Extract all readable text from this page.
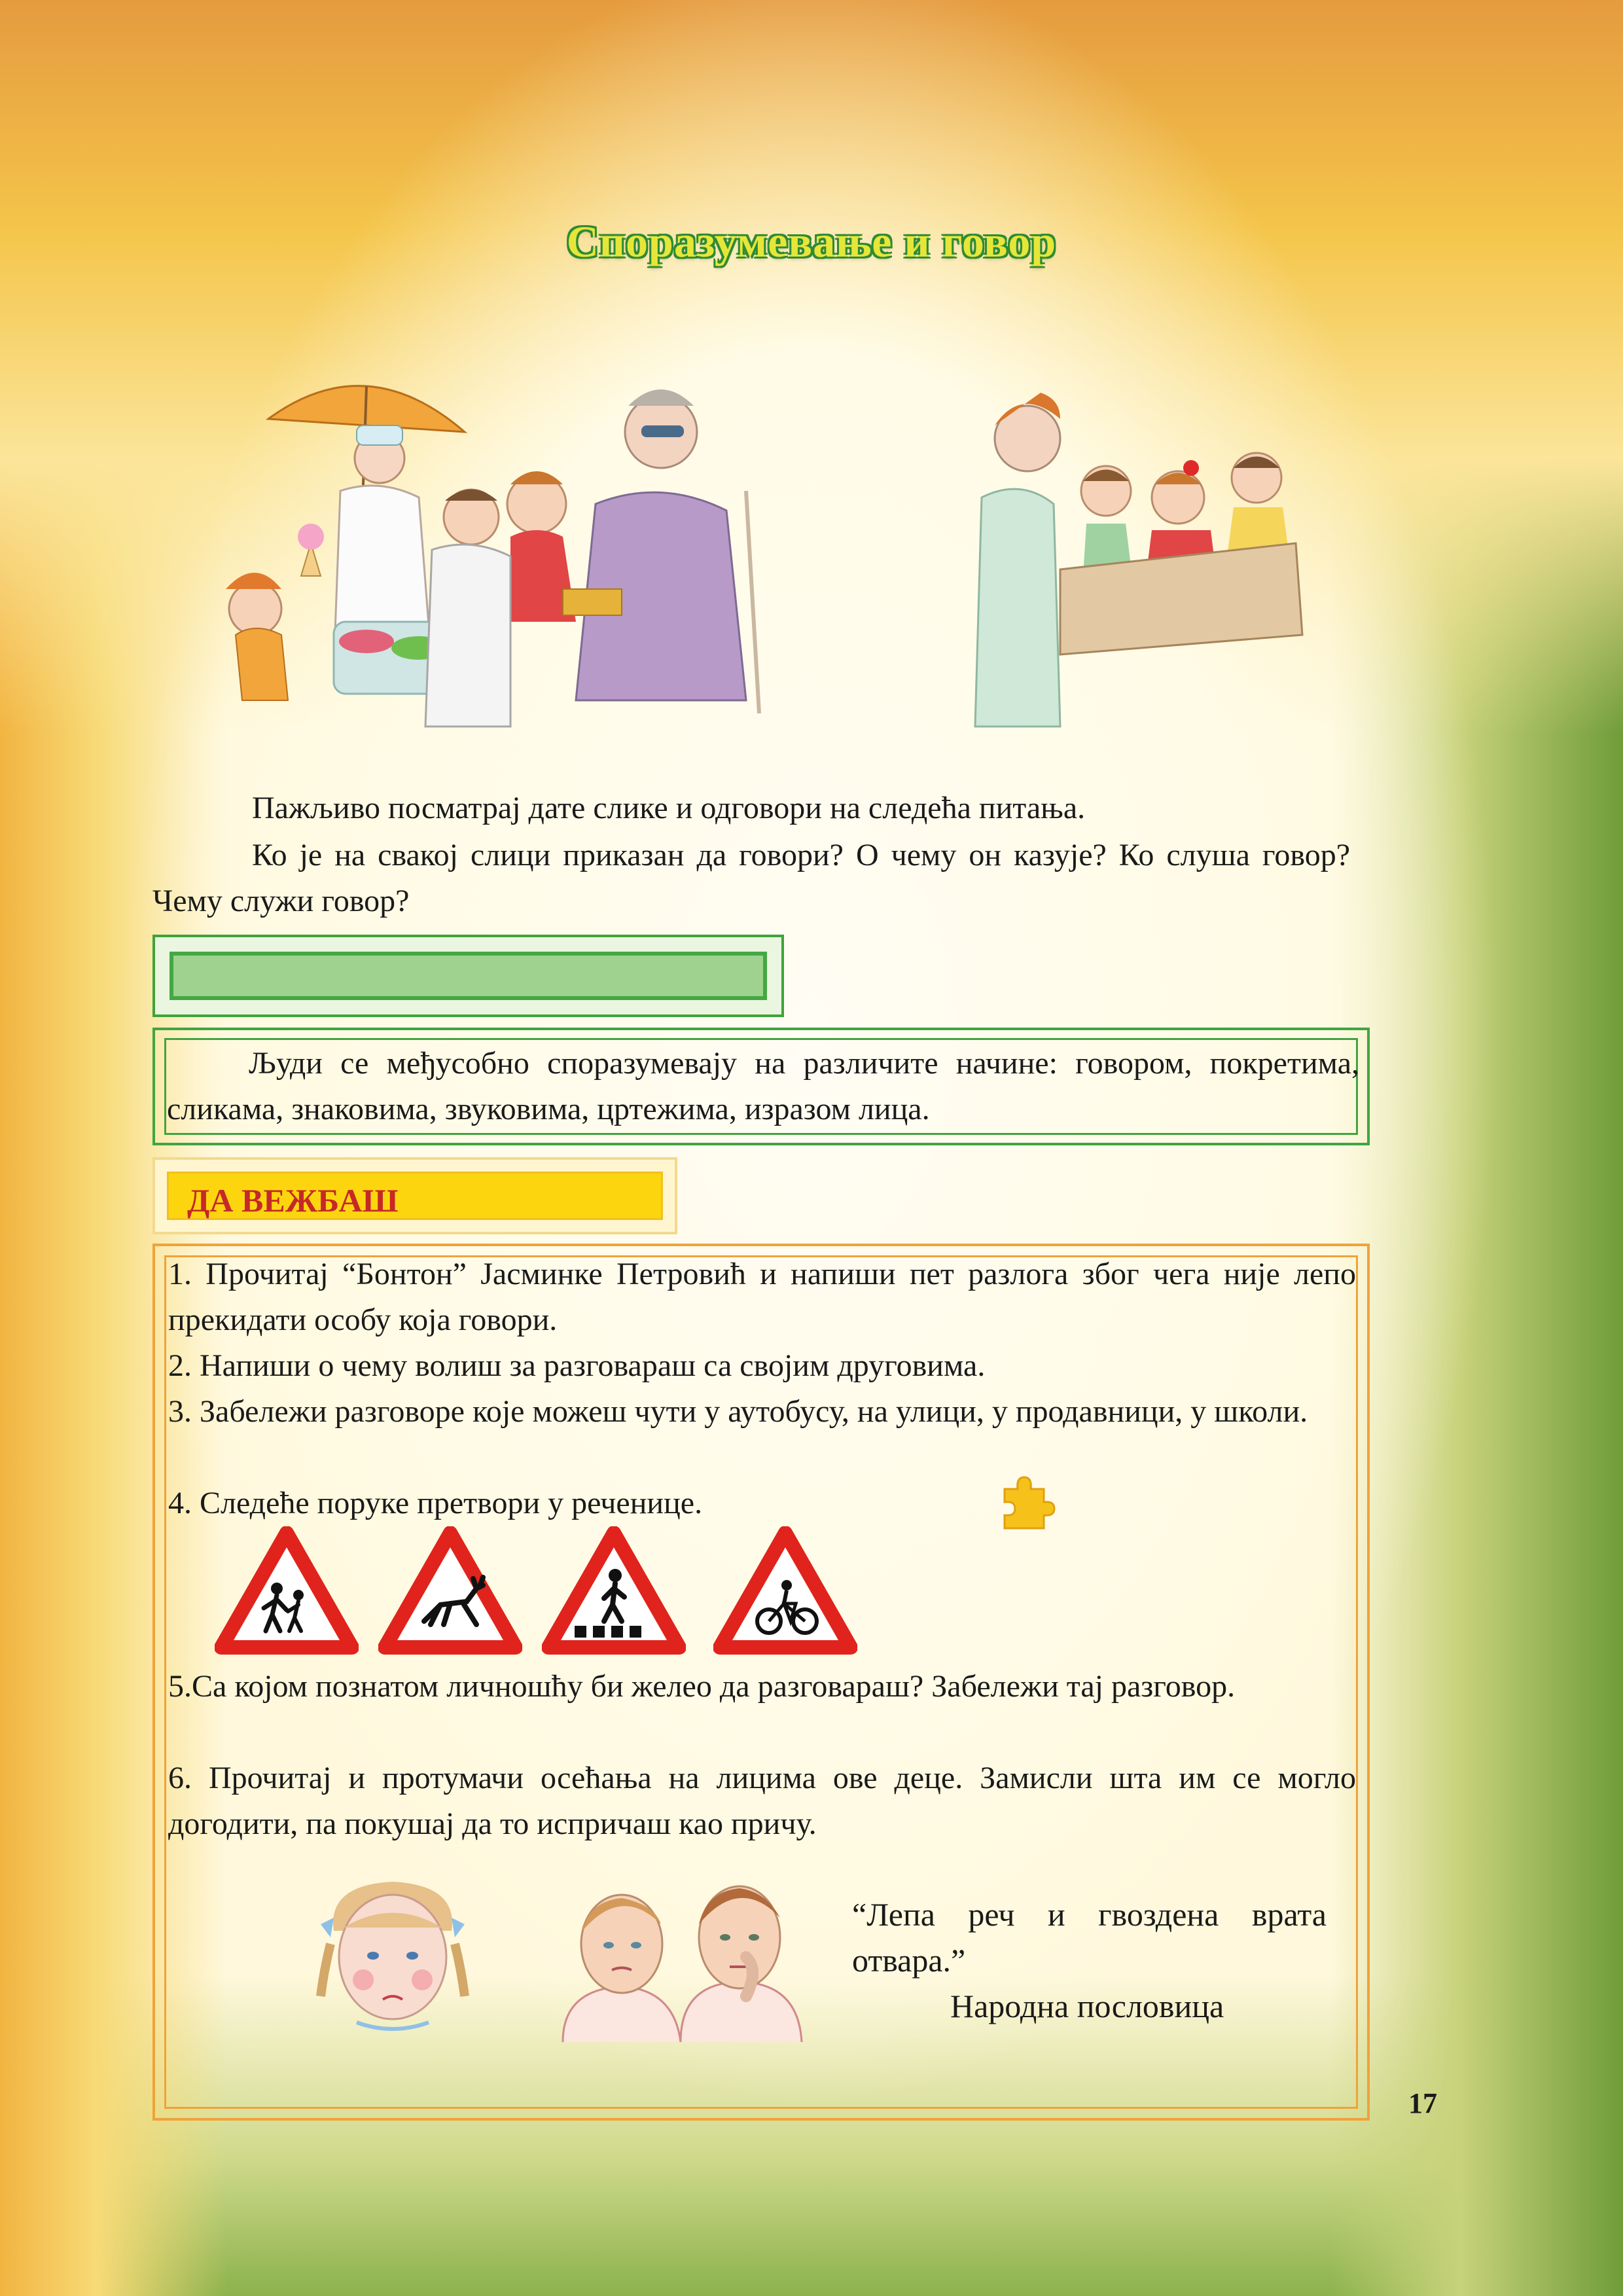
Споразумевање и говор
Пажљиво посматрај дате слике и одговори на следећа питања.
Ко је на свакој слици приказан да говори? О чему он казује? Ко слуша говор? Чему служи говор?
Људи се међусобно споразумевају на различите начине: говором, покретима, сликама, знаковима, звуковима, цртежима, изразом лица.
ДА ВЕЖБАШ
1. Прочитај “Бонтон” Јасминке Петровић и напиши пет разлога због чега није лепо прекидати особу која говори.
2. Напиши о чему волиш за разговараш са својим друговима.
3. Забележи разговоре које можеш чути у аутобусу, на улици, у продавници, у школи.
4. Следеће поруке претвори у реченице.
5.Са којом познатом личношћу би желео да разговараш? Забележи тај разговор.
6. Прочитај и протумачи осећања на лицима ове деце. Замисли шта им се могло догодити, па покушај да то испричаш као причу.
“Лепа реч и гвоздена врата отвара.”
Народна пословица
17
